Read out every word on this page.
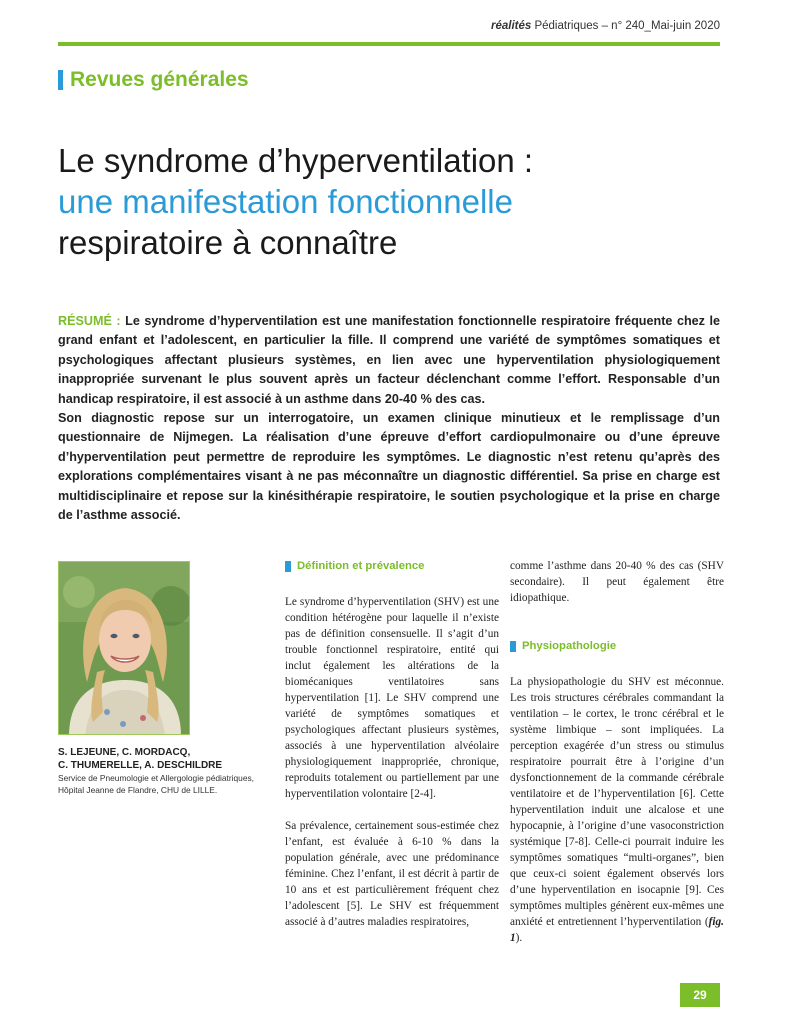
réalités Pédiatriques – n° 240_Mai-juin 2020
Revues générales
Le syndrome d’hyperventilation :
une manifestation fonctionnelle
respiratoire à connaître

RÉSUMÉ : Le syndrome d’hyperventilation est une manifestation fonctionnelle respiratoire fréquente chez le grand enfant et l’adolescent, en particulier la fille. Il comprend une variété de symptômes somatiques et psychologiques affectant plusieurs systèmes, en lien avec une hyperventilation physiologiquement inappropriée survenant le plus souvent après un facteur déclenchant comme l’effort. Responsable d’un handicap respiratoire, il est associé à un asthme dans 20-40 % des cas.

Son diagnostic repose sur un interrogatoire, un examen clinique minutieux et le remplissage d’un questionnaire de Nijmegen. La réalisation d’une épreuve d’effort cardiopulmonaire ou d’une épreuve d’hyperventilation peut permettre de reproduire les symptômes. Le diagnostic n’est retenu qu’après des explorations complémentaires visant à ne pas méconnaître un diagnostic différentiel. Sa prise en charge est multidisciplinaire et repose sur la kinésithérapie respiratoire, le soutien psychologique et la prise en charge de l’asthme associé.

S. LEJEUNE, C. MORDACQ,
C. THUMERELLE, A. DESCHILDRE
Service de Pneumologie et Allergologie pédiatriques, Hôpital Jeanne de Flandre, CHU de LILLE.
Définition et prévalence

Le syndrome d’hyperventilation (SHV) est une condition hétérogène pour laquelle il n’existe pas de définition consensuelle. Il s’agit d’un trouble fonctionnel respiratoire, entité qui inclut également les altérations de la biomécaniques ventilatoires sans hyperventilation [1]. Le SHV comprend une variété de symptômes somatiques et psychologiques affectant plusieurs systèmes, associés à une hyperventilation alvéolaire physiologiquement inappropriée, chronique, reproduits totalement ou partiellement par une hyperventilation volontaire [2-4].

Sa prévalence, certainement sous-estimée chez l’enfant, est évaluée à 6-10 % dans la population générale, avec une prédominance féminine. Chez l’enfant, il est décrit à partir de 10 ans et est particulièrement fréquent chez l’adolescent [5]. Le SHV est fréquemment associé à d’autres maladies respiratoires,

comme l’asthme dans 20-40 % des cas (SHV secondaire). Il peut également être idiopathique.

Physiopathologie

La physiopathologie du SHV est méconnue. Les trois structures cérébrales commandant la ventilation – le cortex, le tronc cérébral et le système limbique – sont impliquées. La perception exagérée d’un stress ou stimulus respiratoire pourrait être à l’origine d’un dysfonctionnement de la commande cérébrale ventilatoire et de l’hyperventilation [6]. Cette hyperventilation induit une alcalose et une hypocapnie, à l’origine d’une vasoconstriction systémique [7-8]. Celle-ci pourrait induire les symptômes somatiques “multi-organes”, bien que ceux-ci soient également observés lors d’une hyperventilation en isocapnie [9]. Ces symptômes multiples génèrent eux-mêmes une anxiété et entretiennent l’hyperventilation (fig. 1).

29
